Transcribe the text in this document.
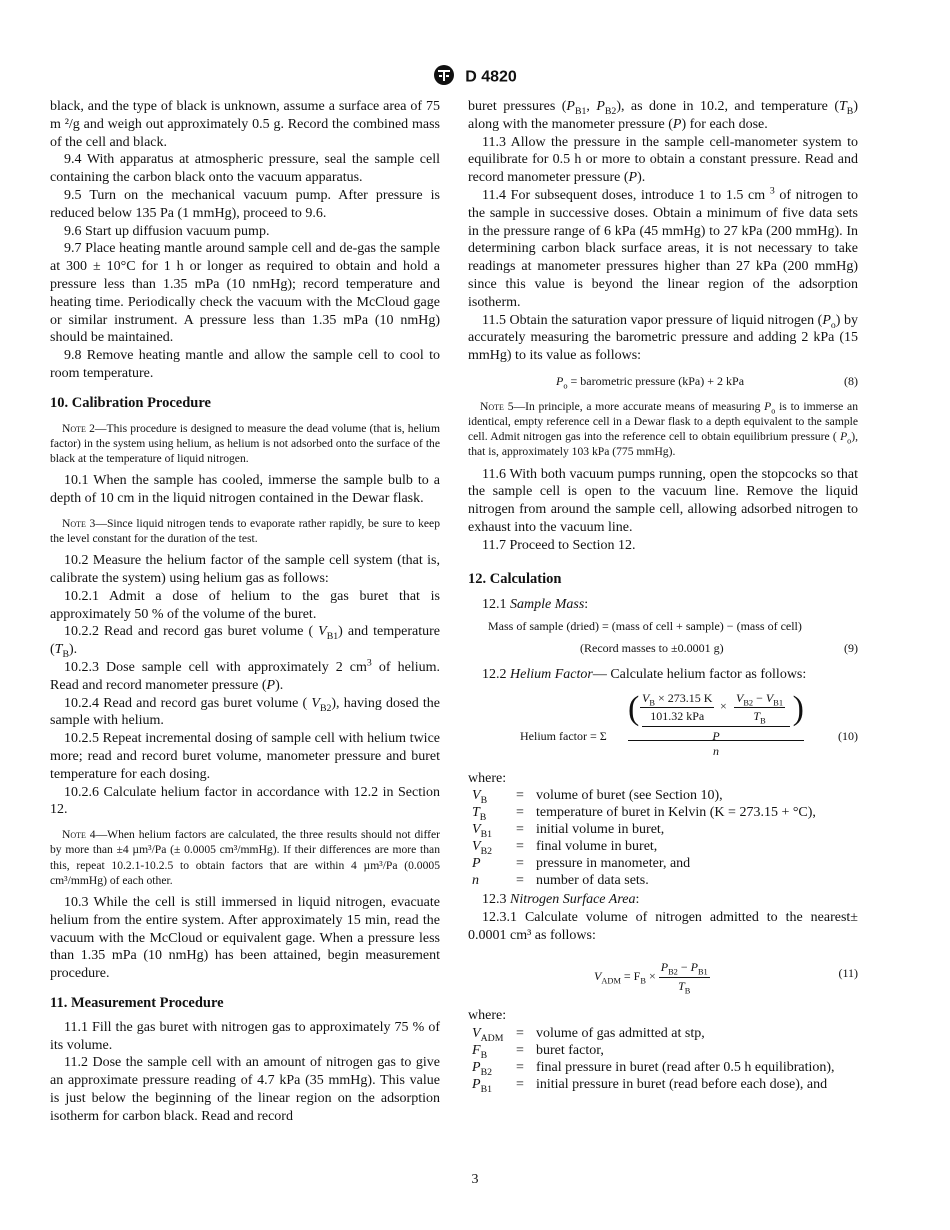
D 4820

black, and the type of black is unknown, assume a surface area of 75 m ²/g and weigh out approximately 0.5 g. Record the combined mass of the cell and black.

9.4 With apparatus at atmospheric pressure, seal the sample cell containing the carbon black onto the vacuum apparatus.

9.5 Turn on the mechanical vacuum pump. After pressure is reduced below 135 Pa (1 mmHg), proceed to 9.6.

9.6 Start up diffusion vacuum pump.

9.7 Place heating mantle around sample cell and de-gas the sample at 300 ± 10°C for 1 h or longer as required to obtain and hold a pressure less than 1.35 mPa (10 nmHg); record temperature and heating time. Periodically check the vacuum with the McCloud gage or similar instrument. A pressure less than 1.35 mPa (10 nmHg) should be maintained.

9.8 Remove heating mantle and allow the sample cell to cool to room temperature.

10. Calibration Procedure

Note 2—This procedure is designed to measure the dead volume (that is, helium factor) in the system using helium, as helium is not adsorbed onto the surface of the black at the temperature of liquid nitrogen.

10.1 When the sample has cooled, immerse the sample bulb to a depth of 10 cm in the liquid nitrogen contained in the Dewar flask.

Note 3—Since liquid nitrogen tends to evaporate rather rapidly, be sure to keep the level constant for the duration of the test.

10.2 Measure the helium factor of the sample cell system (that is, calibrate the system) using helium gas as follows:

10.2.1 Admit a dose of helium to the gas buret that is approximately 50 % of the volume of the buret.

10.2.2 Read and record gas buret volume ( $V_{B1}$) and temperature $(T_B)$.

10.2.3 Dose sample cell with approximately 2 $cm^3$ of helium. Read and record manometer pressure (P).

10.2.4 Read and record gas buret volume ( $V_{B2}$), having dosed the sample with helium.

10.2.5 Repeat incremental dosing of sample cell with helium twice more; read and record buret volume, manometer pressure and buret temperature for each dosing.

10.2.6 Calculate helium factor in accordance with 12.2 in Section 12.

Note 4—When helium factors are calculated, the three results should not differ by more than ±4 µm³/Pa (± 0.0005 cm³/mmHg). If their differences are more than this, repeat 10.2.1-10.2.5 to obtain factors that are within 4 µm³/Pa (0.0005 cm³/mmHg) of each other.

10.3 While the cell is still immersed in liquid nitrogen, evacuate helium from the entire system. After approximately 15 min, read the vacuum with the McCloud or equivalent gage. When a pressure less than 1.35 mPa (10 nmHg) has been attained, begin measurement procedure.

11. Measurement Procedure

11.1 Fill the gas buret with nitrogen gas to approximately 75 % of its volume.

11.2 Dose the sample cell with an amount of nitrogen gas to give an approximate pressure reading of 4.7 kPa (35 mmHg). This value is just below the beginning of the linear region on the adsorption isotherm for carbon black. Read and record

buret pressures ($P_{B1}$, $P_{B2}$), as done in 10.2, and temperature $(T_B)$ along with the manometer pressure (P) for each dose.

11.3 Allow the pressure in the sample cell-manometer system to equilibrate for 0.5 h or more to obtain a constant pressure. Read and record manometer pressure (P).

11.4 For subsequent doses, introduce 1 to 1.5 cm $^3$ of nitrogen to the sample in successive doses. Obtain a minimum of five data sets in the pressure range of 6 kPa (45 mmHg) to 27 kPa (200 mmHg). In determining carbon black surface areas, it is not necessary to take readings at manometer pressures higher than 27 kPa (200 mmHg) since this value is beyond the linear region of the adsorption isotherm.

11.5 Obtain the saturation vapor pressure of liquid nitrogen $(P_o)$ by accurately measuring the barometric pressure and adding 2 kPa (15 mmHg) to its value as follows:

$P_o$ = barometric pressure (kPa) + 2 kPa	(8)

Note 5—In principle, a more accurate means of measuring $P_o$ is to immerse an identical, empty reference cell in a Dewar flask to a depth equivalent to the sample cell. Admit nitrogen gas into the reference cell to obtain equilibrium pressure ( $P_o$), that is, approximately 103 kPa (775 mmHg).

11.6 With both vacuum pumps running, open the stopcocks so that the sample cell is open to the vacuum line. Remove the liquid nitrogen from around the sample cell, allowing adsorbed nitrogen to exhaust into the vacuum line.

11.7 Proceed to Section 12.

12. Calculation

12.1 Sample Mass:

Mass of sample (dried) = (mass of cell + sample) − (mass of cell)
(Record masses to ±0.0001 g)	(9)

12.2 Helium Factor— Calculate helium factor as follows:

Helium factor = Σ
( $V_B \times 273.15$ K
101.32 kPa
× $\frac{V_{B2} - V_{B1}}{T_B}$ )
P
n
(10)

where:

$V_B$	= volume of buret (see Section 10),
$T_B$	= temperature of buret in Kelvin (K = 273.15 + °C),
$V_{B1}$	= initial volume in buret,
$V_{B2}$	= final volume in buret,
P	= pressure in manometer, and
n	= number of data sets.

12.3 Nitrogen Surface Area:

12.3.1 Calculate volume of nitrogen admitted to the nearest± 0.0001 cm³ as follows:

$V_{ADM} = F_B \times \frac{P_{B2} - P_{B1}}{T_B}$	(11)

where:

$V_{ADM}$ = volume of gas admitted at stp,
$F_B$	= buret factor,
$P_{B2}$	= final pressure in buret (read after 0.5 h equilibration),
$P_{B1}$	= initial pressure in buret (read before each dose), and
3
